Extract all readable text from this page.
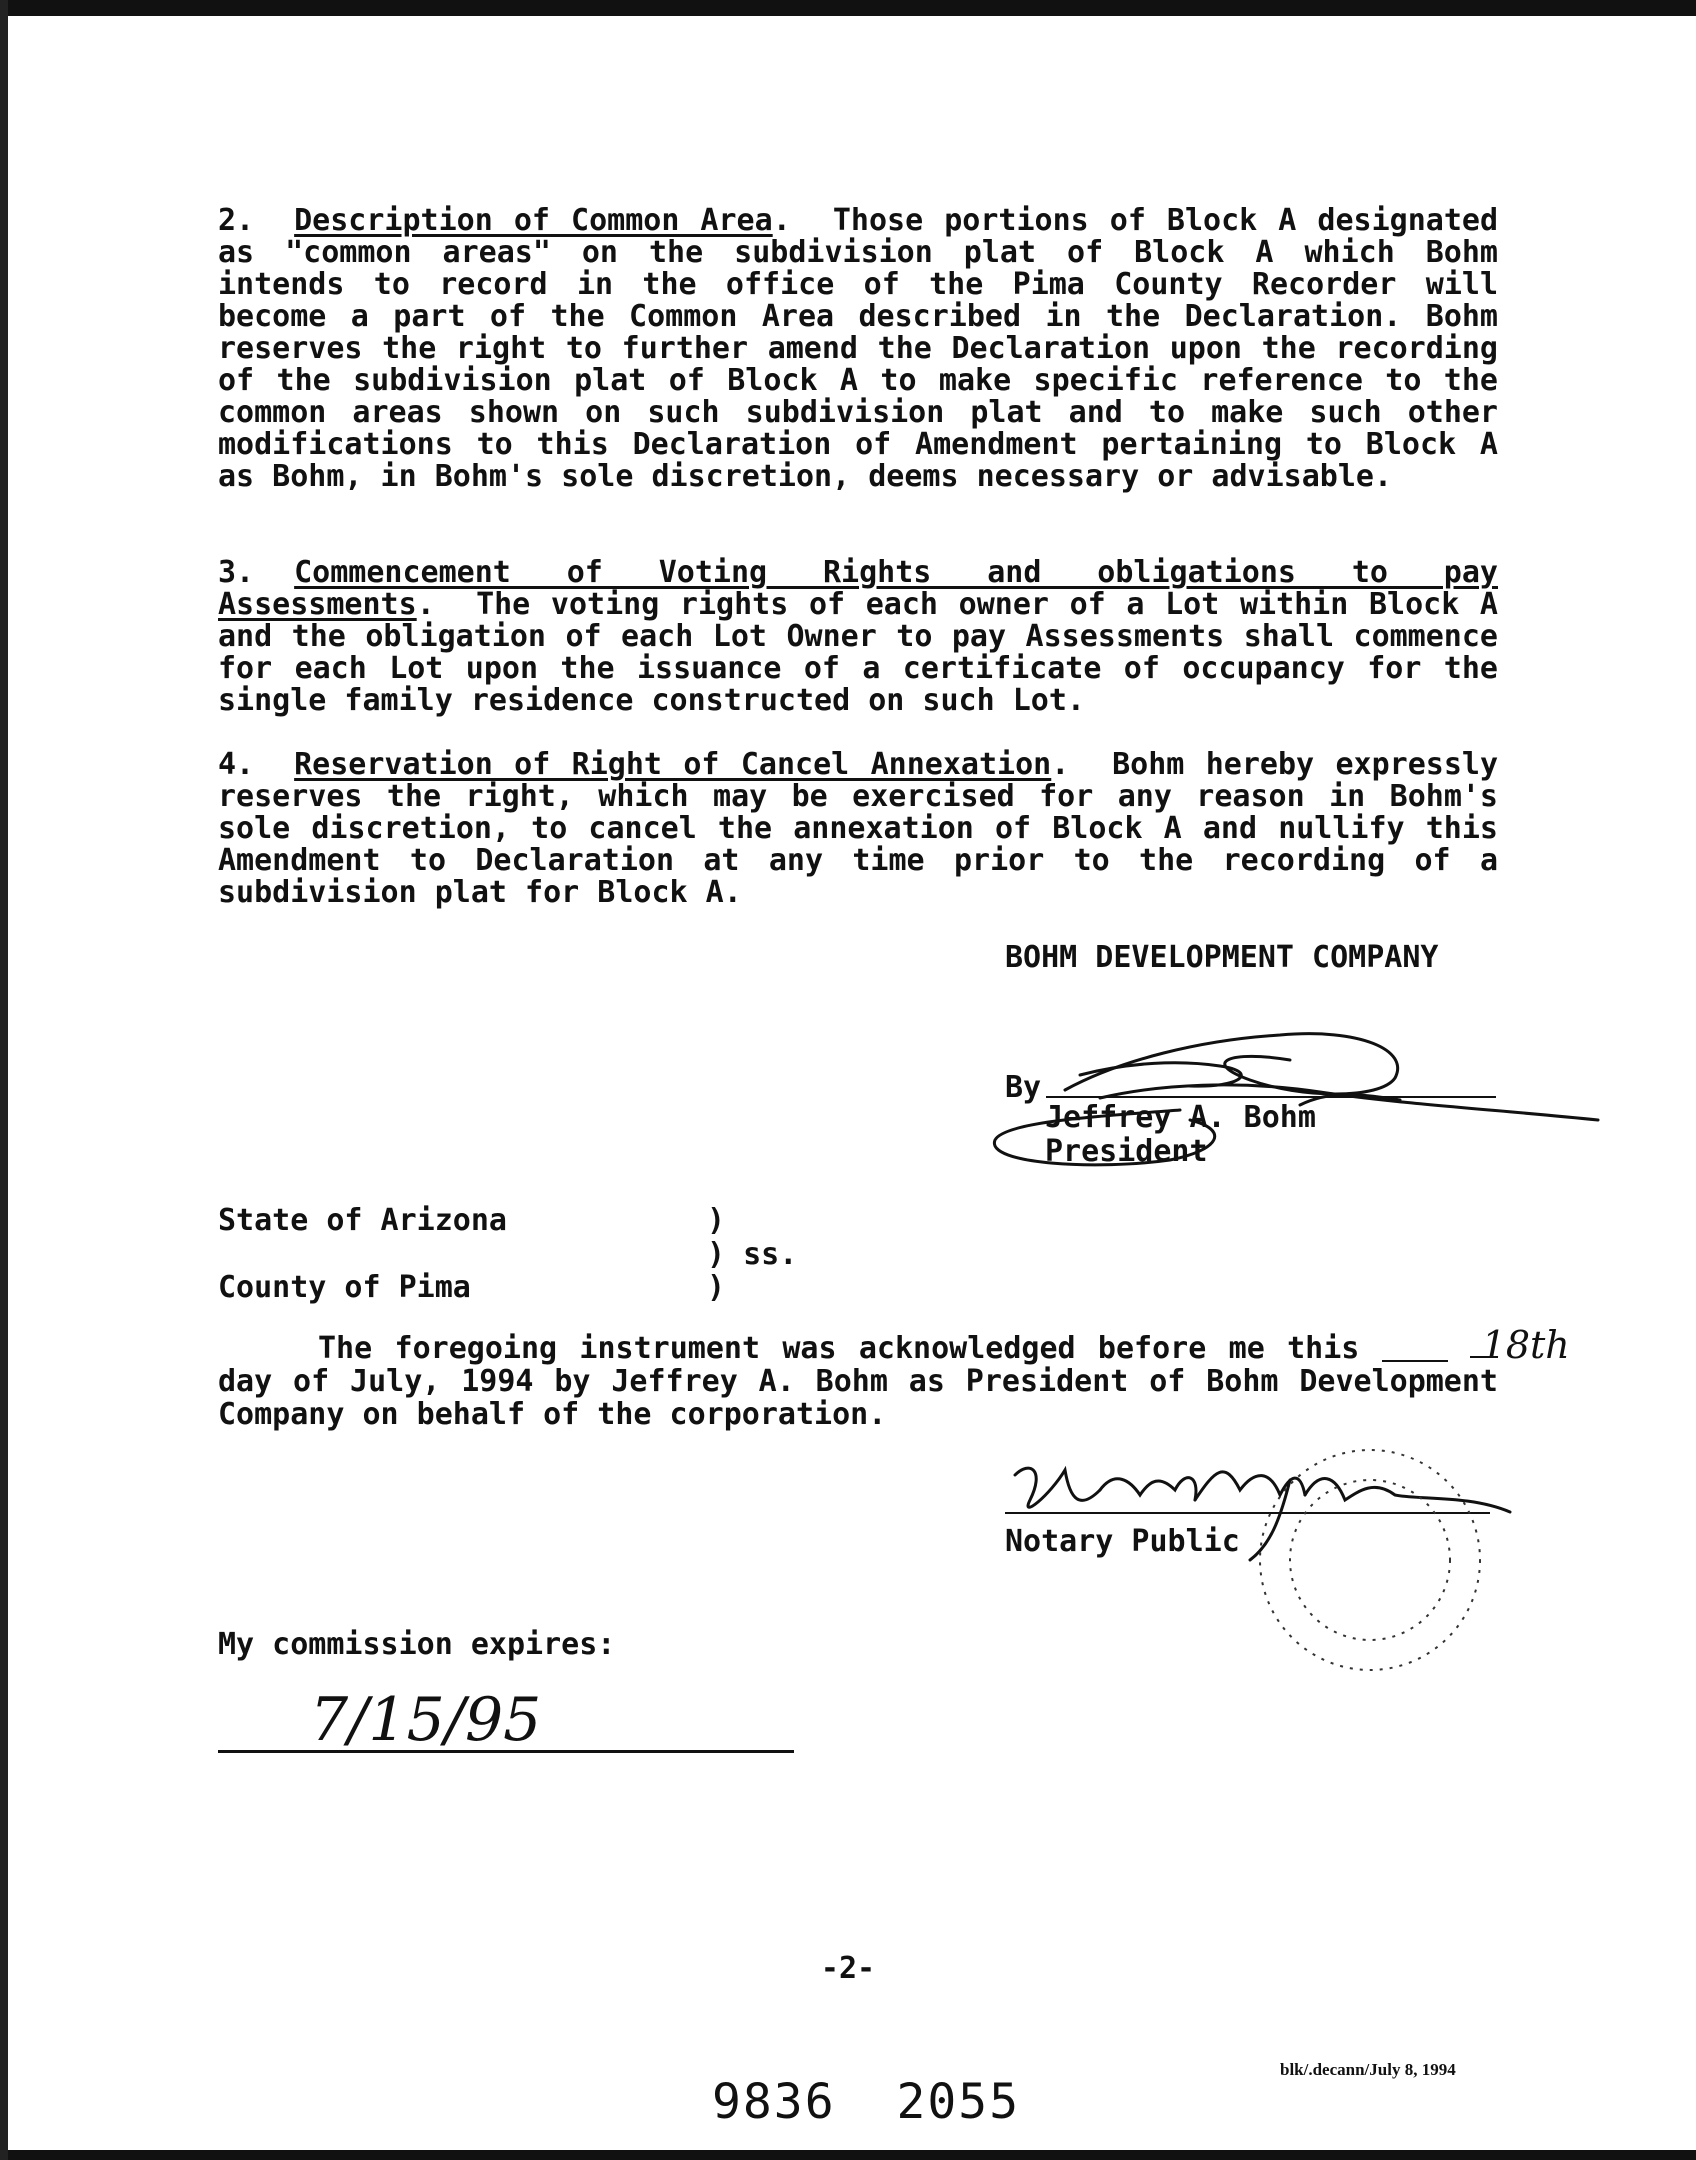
2. Description of Common Area.  Those portions of Block A designated as "common areas" on the subdivision plat of Block A which Bohm intends to record in the office of the Pima County Recorder will become a part of the Common Area described in the Declaration. Bohm reserves the right to further amend the Declaration upon the recording of the subdivision plat of Block A to make specific reference to the common areas shown on such subdivision plat and to make such other modifications to this Declaration of Amendment pertaining to Block A as Bohm, in Bohm's sole discretion, deems necessary or advisable.

3. Commencement of Voting Rights and obligations to pay Assessments.  The voting rights of each owner of a Lot within Block A and the obligation of each Lot Owner to pay Assessments shall commence for each Lot upon the issuance of a certificate of occupancy for the single family residence constructed on such Lot.

4. Reservation of Right of Cancel Annexation.  Bohm hereby expressly reserves the right, which may be exercised for any reason in Bohm's sole discretion, to cancel the annexation of Block A and nullify this Amendment to Declaration at any time prior to the recording of a subdivision plat for Block A.

BOHM DEVELOPMENT COMPANY
By
Jeffrey A. Bohm
President
State of Arizona
County of Pima
)
) ss.
)

The foregoing instrument was acknowledged before me this	18th  day of July, 1994 by Jeffrey A. Bohm as President of Bohm Development Company on behalf of the corporation.

Notary Public
My commission expires:
7/15/95
-2-
blk/.decann/July 8, 1994
9836 2055
